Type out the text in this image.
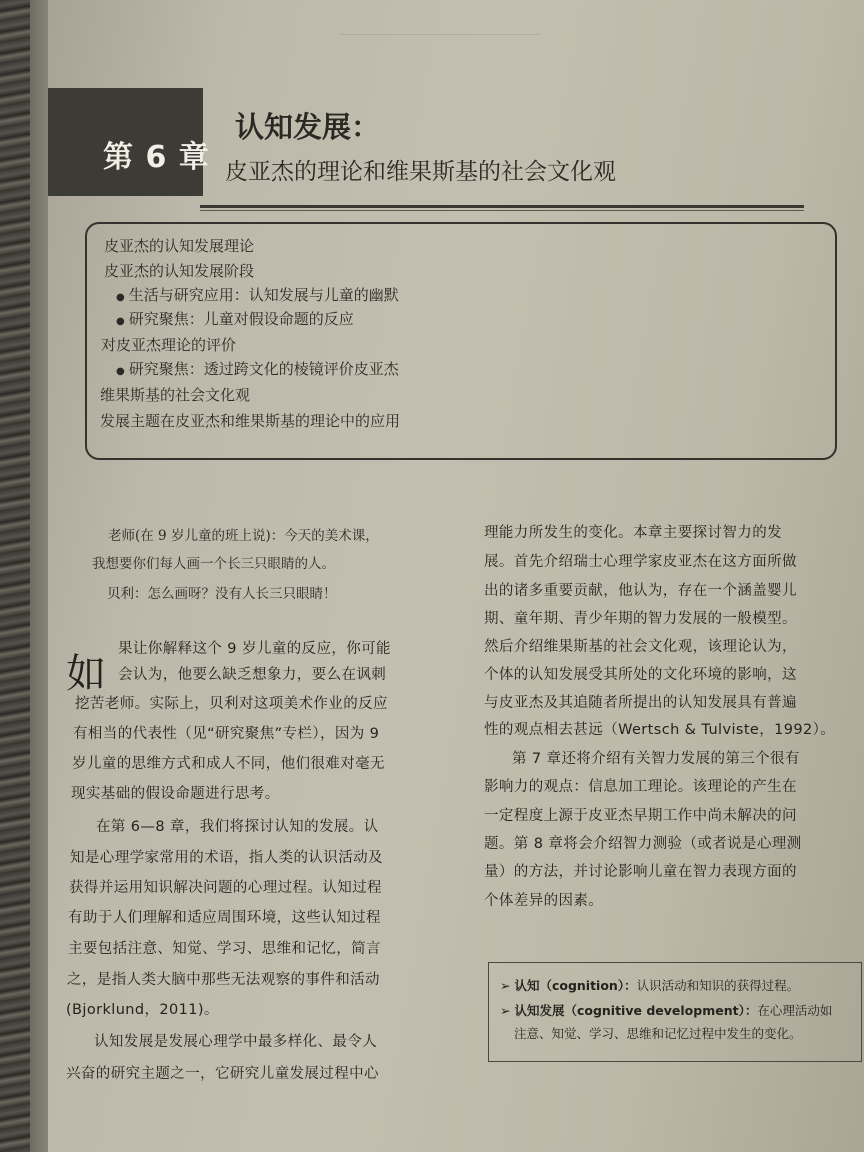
第 6 章
认知发展：
皮亚杰的理论和维果斯基的社会文化观
皮亚杰的认知发展理论
皮亚杰的认知发展阶段
● 生活与研究应用：认知发展与儿童的幽默
● 研究聚焦：儿童对假设命题的反应
对皮亚杰理论的评价
● 研究聚焦：透过跨文化的棱镜评价皮亚杰
维果斯基的社会文化观
发展主题在皮亚杰和维果斯基的理论中的应用
老师(在 9 岁儿童的班上说)：今天的美术课，
我想要你们每人画一个长三只眼睛的人。
贝利：怎么画呀？没有人长三只眼睛！
如
果让你解释这个 9 岁儿童的反应，你可能
会认为，他要么缺乏想象力，要么在讽刺
挖苦老师。实际上，贝利对这项美术作业的反应
有相当的代表性（见“研究聚焦”专栏），因为 9
岁儿童的思维方式和成人不同，他们很难对毫无
现实基础的假设命题进行思考。
在第 6—8 章，我们将探讨认知的发展。认
知是心理学家常用的术语，指人类的认识活动及
获得并运用知识解决问题的心理过程。认知过程
有助于人们理解和适应周围环境，这些认知过程
主要包括注意、知觉、学习、思维和记忆，简言
之，是指人类大脑中那些无法观察的事件和活动
(Bjorklund，2011)。
认知发展是发展心理学中最多样化、最令人
兴奋的研究主题之一，它研究儿童发展过程中心
理能力所发生的变化。本章主要探讨智力的发
展。首先介绍瑞士心理学家皮亚杰在这方面所做
出的诸多重要贡献，他认为，存在一个涵盖婴儿
期、童年期、青少年期的智力发展的一般模型。
然后介绍维果斯基的社会文化观，该理论认为，
个体的认知发展受其所处的文化环境的影响，这
与皮亚杰及其追随者所提出的认知发展具有普遍
性的观点相去甚远（Wertsch & Tulviste，1992）。
第 7 章还将介绍有关智力发展的第三个很有
影响力的观点：信息加工理论。该理论的产生在
一定程度上源于皮亚杰早期工作中尚未解决的问
题。第 8 章将会介绍智力测验（或者说是心理测
量）的方法，并讨论影响儿童在智力表现方面的
个体差异的因素。
➢ 认知（cognition）：认识活动和知识的获得过程。
➢ 认知发展（cognitive development）：在心理活动如
注意、知觉、学习、思维和记忆过程中发生的变化。
